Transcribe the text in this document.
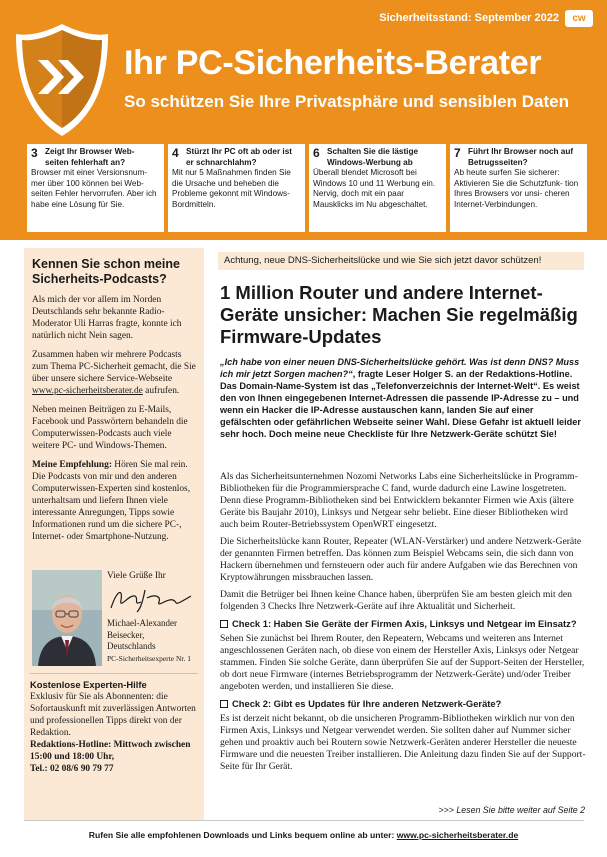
Sicherheitsstand: September 2022	cw
Ihr PC-Sicherheits-Berater
So schützen Sie Ihre Privatsphäre und sensiblen Daten
3 Zeigt Ihr Browser Web- seiten fehlerhaft an?
Browser mit einer Versionsnum- mer über 100 können bei Web- seiten Fehler hervorrufen. Aber ich habe eine Lösung für Sie.
4 Stürzt Ihr PC oft ab oder ist er schnarchlahm?
Mit nur 5 Maßnahmen finden Sie die Ursache und beheben die Probleme gekonnt mit Windows-Bordmitteln.
6 Schalten Sie die lästige Windows-Werbung ab
Überall blendet Microsoft bei Windows 10 und 11 Werbung ein. Nervig, doch mit ein paar Mausklicks im Nu abgeschaltet.
7 Führt Ihr Browser noch auf Betrugsseiten?
Ab heute surfen Sie sicherer: Aktivieren Sie die Schutzfunk- tion Ihres Browsers vor unsi- cheren Internet-Verbindungen.
Kennen Sie schon meine Sicherheits-Podcasts?

Als mich der vor allem im Norden Deutschlands sehr bekannte Radio-Moderator Uli Harras fragte, konnte ich natürlich nicht Nein sagen.

Zusammen haben wir mehrere Podcasts zum Thema PC-Sicherheit gemacht, die Sie über unsere sichere Service-Webseite www.pc-sicherheitsberater.de aufrufen.

Neben meinen Beiträgen zu E-Mails, Facebook und Passwörtern behandeln die Computerwissen-Podcasts auch viele weitere PC- und Windows-Themen.

Meine Empfehlung: Hören Sie mal rein. Die Podcasts von mir und den anderen Computerwissen-Experten sind kostenlos, unterhaltsam und liefern Ihnen viele interessante Anregungen, Tipps sowie Informationen rund um die sichere PC-, Internet- oder Smartphone-Nutzung.

Viele Grüße Ihr
Michael-Alexander
Beisecker,
Deutschlands
PC-Sicherheitsexperte Nr. 1
Kostenlose Experten-Hilfe
Exklusiv für Sie als Abonnenten: die Sofortauskunft mit zuverlässigen Antworten und professionellen Tipps direkt von der Redaktion.
Redaktions-Hotline: Mittwoch zwischen 15:00 und 18:00 Uhr,
Tel.: 02 08/6 90 79 77
Achtung, neue DNS-Sicherheitslücke und wie Sie sich jetzt davor schützen!
1 Million Router und andere Internet-Geräte unsicher: Machen Sie regelmäßig Firmware-Updates
„Ich habe von einer neuen DNS-Sicherheitslücke gehört. Was ist denn DNS? Muss ich mir jetzt Sorgen machen?“, fragte Leser Holger S. an der Redaktions-Hotline. Das Domain-Name-System ist das „Telefonverzeichnis der Internet-Welt“. Es weist den von Ihnen eingegebenen Internet-Adressen die passende IP-Adresse zu – und wenn ein Hacker die IP-Adresse austauschen kann, landen Sie auf einer gefälschten oder gefährlichen Webseite seiner Wahl. Diese Gefahr ist aktuell leider sehr hoch. Doch meine neue Checkliste für Ihre Netzwerk-Geräte schützt Sie!

Als das Sicherheitsunternehmen Nozomi Networks Labs eine Sicherheitslücke in Programm-Bibliotheken für die Programmiersprache C fand, wurde dadurch eine Lawine losgetreten. Denn diese Programm-Bibliotheken sind bei Entwicklern bekannter Firmen wie Axis (ältere Geräte bis Baujahr 2010), Linksys und Netgear sehr beliebt. Eine dieser Bibliotheken wird auch beim Router-Betriebssystem OpenWRT eingesetzt.

Die Sicherheitslücke kann Router, Repeater (WLAN-Verstärker) und andere Netzwerk-Geräte der genannten Firmen betreffen. Das können zum Beispiel Webcams sein, die sich dann von Hackern übernehmen und fernsteuern oder auch für andere Aufgaben wie das Berechnen von Kryptowährungen missbrauchen lassen.

Damit die Betrüger bei Ihnen keine Chance haben, überprüfen Sie am besten gleich mit den folgenden 3 Checks Ihre Netzwerk-Geräte auf ihre Aktualität und Sicherheit.

Check 1: Haben Sie Geräte der Firmen Axis, Linksys und Netgear im Einsatz?

Sehen Sie zunächst bei Ihrem Router, den Repeatern, Webcams und weiteren ans Internet angeschlossenen Geräten nach, ob diese von einem der Hersteller Axis, Linksys oder Netgear stammen. Finden Sie solche Geräte, dann überprüfen Sie auf der Support-Seiten der Hersteller, ob dort neue Firmware (internes Betriebsprogramm der Netzwerk-Geräte) und/oder Treiber angeboten werden, und installieren Sie diese.

Check 2: Gibt es Updates für Ihre anderen Netzwerk-Geräte?

Es ist derzeit nicht bekannt, ob die unsicheren Programm-Bibliotheken wirklich nur von den Firmen Axis, Linksys und Netgear verwendet werden. Sie sollten daher auf Nummer sicher gehen und proaktiv auch bei Routern sowie Netzwerk-Geräten anderer Hersteller die neueste Firmware und die neuesten Treiber installieren. Die Anleitung dazu finden Sie auf der Support-Seite für Ihr Gerät.

>>> Lesen Sie bitte weiter auf Seite 2
Rufen Sie alle empfohlenen Downloads und Links bequem online ab unter: www.pc-sicherheitsberater.de
